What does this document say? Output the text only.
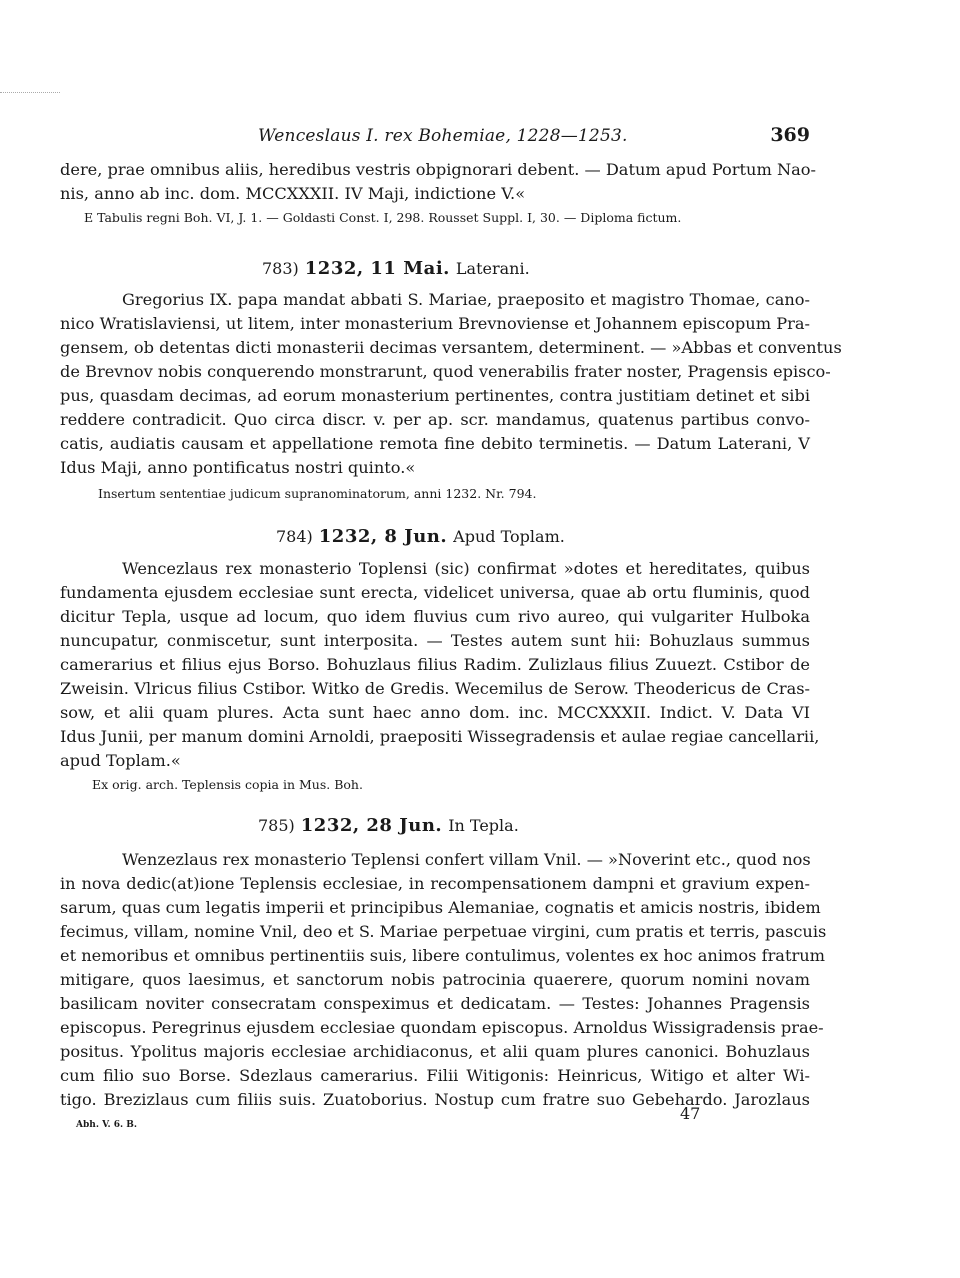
Wenceslaus I. rex Bohemiae, 1228—1253.	369
dere, prae omnibus aliis, heredibus vestris obpignorari debent. — Datum apud Portum Nao-
nis, anno ab inc. dom. MCCXXXII. IV Maji, indictione V.«
E Tabulis regni Boh. VI, J. 1. — Goldasti Const. I, 298. Rousset Suppl. I, 30. — Diploma fictum.
783) 1232, 11 Mai. Laterani.
Gregorius IX. papa mandat abbati S. Mariae, praeposito et magistro Thomae, cano-
nico Wratislaviensi, ut litem, inter monasterium Brevnoviense et Johannem episcopum Pra-
gensem, ob detentas dicti monasterii decimas versantem, determinent. — »Abbas et conventus
de Brevnov nobis conquerendo monstrarunt, quod venerabilis frater noster, Pragensis episco-
pus, quasdam decimas, ad eorum monasterium pertinentes, contra justitiam detinet et sibi
reddere contradicit. Quo circa discr. v. per ap. scr. mandamus, quatenus partibus convo-
catis, audiatis causam et appellatione remota fine debito terminetis. — Datum Laterani, V
Idus Maji, anno pontificatus nostri quinto.«
Insertum sententiae judicum supranominatorum, anni 1232. Nr. 794.
784) 1232, 8 Jun. Apud Toplam.
Wencezlaus rex monasterio Toplensi (sic) confirmat »dotes et hereditates, quibus
fundamenta ejusdem ecclesiae sunt erecta, videlicet universa, quae ab ortu fluminis, quod
dicitur Tepla, usque ad locum, quo idem fluvius cum rivo aureo, qui vulgariter Hulboka
nuncupatur, conmiscetur, sunt interposita. — Testes autem sunt hii: Bohuzlaus summus
camerarius et filius ejus Borso. Bohuzlaus filius Radim. Zulizlaus filius Zuuezt. Cstibor de
Zweisin. Vlricus filius Cstibor. Witko de Gredis. Wecemilus de Serow. Theodericus de Cras-
sow, et alii quam plures. Acta sunt haec anno dom. inc. MCCXXXII. Indict. V. Data VI
Idus Junii, per manum domini Arnoldi, praepositi Wissegradensis et aulae regiae cancellarii,
apud Toplam.«
Ex orig. arch. Teplensis copia in Mus. Boh.
785) 1232, 28 Jun. In Tepla.
Wenzezlaus rex monasterio Teplensi confert villam Vnil. — »Noverint etc., quod nos
in nova dedic(at)ione Teplensis ecclesiae, in recompensationem dampni et gravium expen-
sarum, quas cum legatis imperii et principibus Alemaniae, cognatis et amicis nostris, ibidem
fecimus, villam, nomine Vnil, deo et S. Mariae perpetuae virgini, cum pratis et terris, pascuis
et nemoribus et omnibus pertinentiis suis, libere contulimus, volentes ex hoc animos fratrum
mitigare, quos laesimus, et sanctorum nobis patrocinia quaerere, quorum nomini novam
basilicam noviter consecratam conspeximus et dedicatam. — Testes: Johannes Pragensis
episcopus. Peregrinus ejusdem ecclesiae quondam episcopus. Arnoldus Wissigradensis prae-
positus. Ypolitus majoris ecclesiae archidiaconus, et alii quam plures canonici. Bohuzlaus
cum filio suo Borse. Sdezlaus camerarius. Filii Witigonis: Heinricus, Witigo et alter Wi-
tigo. Brezizlaus cum filiis suis. Zuatoborius. Nostup cum fratre suo Gebehardo. Jarozlaus
47
Abh. V. 6. B.
